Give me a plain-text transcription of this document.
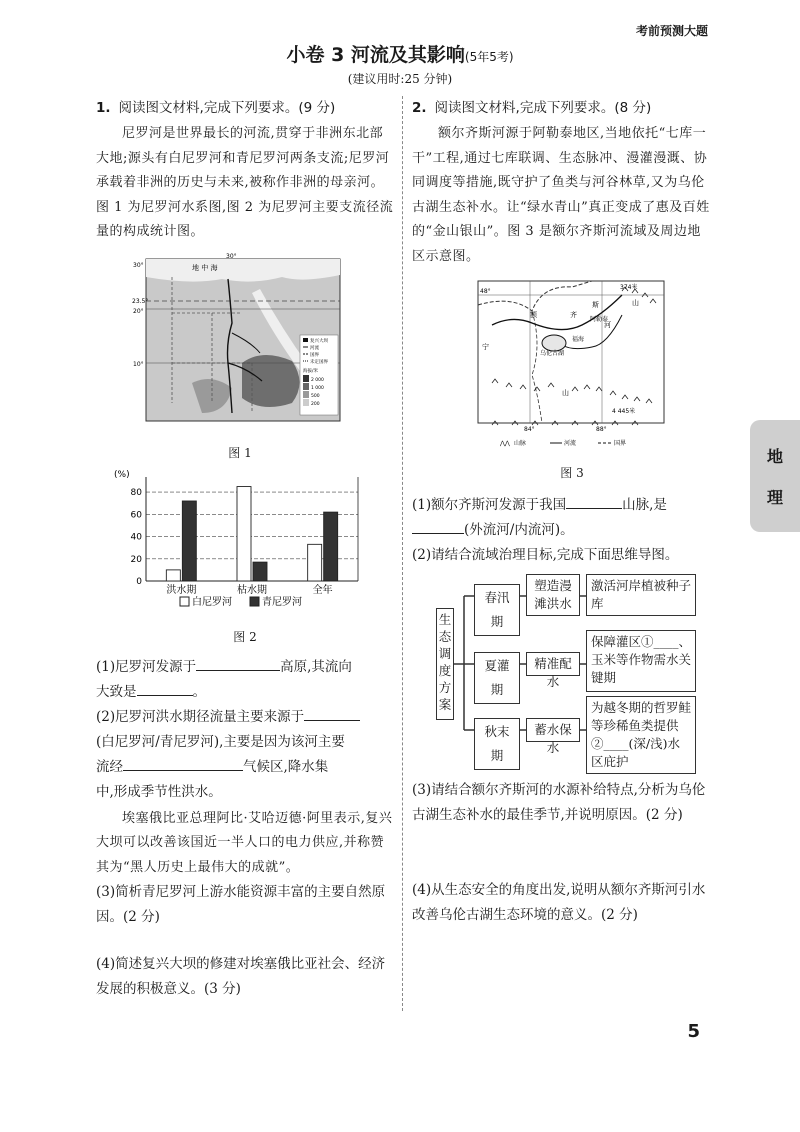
考前预测大题
小卷 3 河流及其影响(5年5考)
(建议用时:25 分钟)
1. 阅读图文材料,完成下列要求。(9 分)
尼罗河是世界最长的河流,贯穿于非洲东北部大地;源头有白尼罗河和青尼罗河两条支流;尼罗河承载着非洲的历史与未来,被称作非洲的母亲河。图 1 为尼罗河水系图,图 2 为尼罗河主要支流径流量的构成统计图。
30°
23.5°
20°
10°
30°
地 中 海
复兴大坝
河流
国界
未定国界
海拔/米
2 000
1 000
500
200
图 1
(%)
0
20
40
60
80
洪水期	枯水期	全年
白尼罗河	青尼罗河
图 2
(1)尼罗河发源于	高原,其流向
大致是	。
(2)尼罗河洪水期径流量主要来源于
(白尼罗河/青尼罗河),主要是因为该河主要
流经	气候区,降水集
中,形成季节性洪水。
埃塞俄比亚总理阿比·艾哈迈德·阿里表示,复兴大坝可以改善该国近一半人口的电力供应,并称赞其为“黑人历史上最伟大的成就”。
(3)简析青尼罗河上游水能资源丰富的主要自然原因。(2 分)
(4)简述复兴大坝的修建对埃塞俄比亚社会、经济发展的积极意义。(3 分)
2. 阅读图文材料,完成下列要求。(8 分)
额尔齐斯河源于阿勒泰地区,当地依托“七库一干”工程,通过七库联调、生态脉冲、漫灌漫溉、协同调度等措施,既守护了鱼类与河谷林草,又为乌伦古湖生态补水。让“绿水青山”真正变成了惠及百姓的“金山银山”。图 3 是额尔齐斯河流域及周边地区示意图。
48°
84°	88°
374米
4 445米
额	齐
斯
河
乌伦古湖
阿勒泰
福海
山
山
宁
⋀⋀ 山脉	河流	国界
图 3
(1)额尔齐斯河发源于我国	山脉,是
(外流河/内流河)。
(2)请结合流域治理目标,完成下面思维导图。
生态调度方案
春汛期
塑造漫滩洪水
激活河岸植被种子库
夏灌期
精准配水
保障灌区①____、玉米等作物需水关键期
秋末期
蓄水保水
为越冬期的哲罗鲑等珍稀鱼类提供②____(深/浅)水区庇护
(3)请结合额尔齐斯河的水源补给特点,分析为乌伦古湖生态补水的最佳季节,并说明原因。(2 分)
(4)从生态安全的角度出发,说明从额尔齐斯河引水改善乌伦古湖生态环境的意义。(2 分)
地
理
5
